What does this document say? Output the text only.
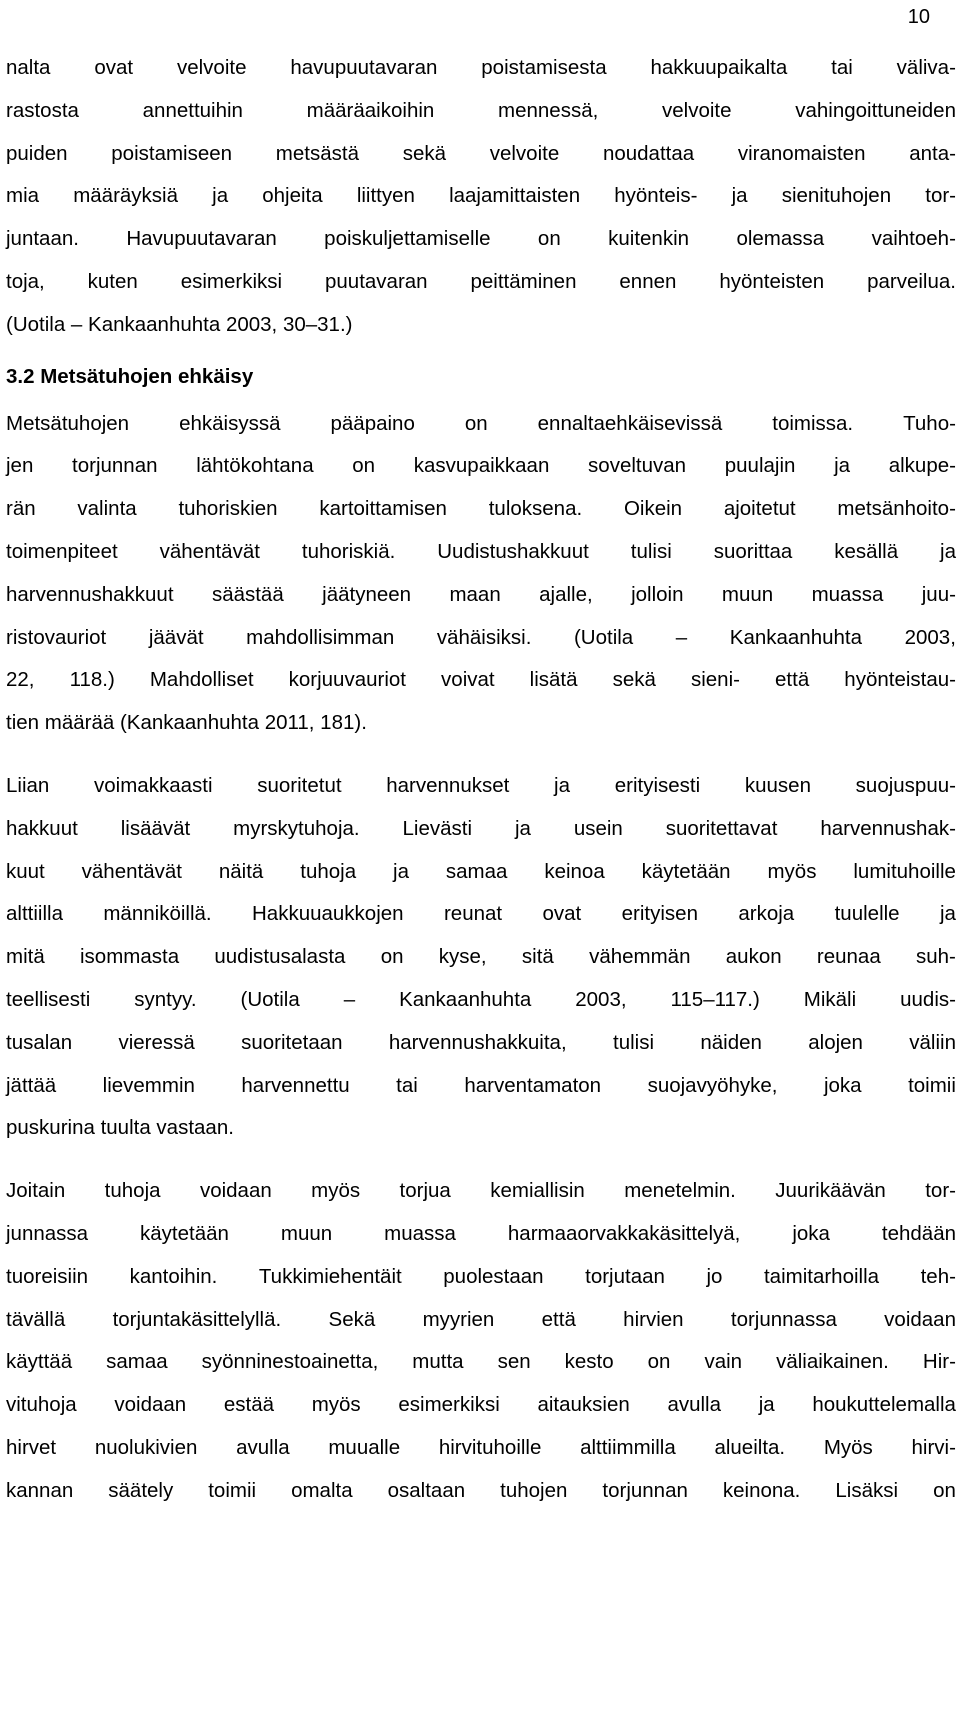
10
nalta ovat velvoite havupuutavaran poistamisesta hakkuupaikalta tai väliva-
rastosta	annettuihin	määräaikoihin	mennessä,	velvoite	vahingoittuneiden
puiden poistamiseen metsästä sekä velvoite noudattaa viranomaisten anta-
mia määräyksiä ja ohjeita liittyen laajamittaisten hyönteis- ja sienituhojen tor-
juntaan. Havupuutavaran poiskuljettamiselle on kuitenkin olemassa vaihtoeh-
toja, kuten esimerkiksi puutavaran peittäminen ennen hyönteisten parveilua.
(Uotila – Kankaanhuhta 2003, 30–31.)
3.2 Metsätuhojen ehkäisy
Metsätuhojen ehkäisyssä pääpaino on ennaltaehkäisevissä toimissa. Tuho-
jen torjunnan lähtökohtana on kasvupaikkaan soveltuvan puulajin ja alkupe-
rän valinta tuhoriskien kartoittamisen tuloksena. Oikein ajoitetut metsänhoito-
toimenpiteet vähentävät tuhoriskiä. Uudistushakkuut tulisi suorittaa kesällä ja
harvennushakkuut säästää jäätyneen maan ajalle, jolloin muun muassa juu-
ristovauriot jäävät mahdollisimman vähäisiksi. (Uotila – Kankaanhuhta 2003,
22, 118.) Mahdolliset korjuuvauriot voivat lisätä sekä sieni- että hyönteistau-
tien määrää (Kankaanhuhta 2011, 181).
Liian voimakkaasti suoritetut harvennukset ja erityisesti kuusen suojuspuu-
hakkuut lisäävät myrskytuhoja. Lievästi ja usein suoritettavat harvennushak-
kuut vähentävät näitä tuhoja ja samaa keinoa käytetään myös lumituhoille
alttiilla männiköillä. Hakkuuaukkojen reunat ovat erityisen arkoja tuulelle ja
mitä isommasta uudistusalasta on kyse, sitä vähemmän aukon reunaa suh-
teellisesti syntyy. (Uotila – Kankaanhuhta 2003, 115–117.) Mikäli uudis-
tusalan vieressä suoritetaan harvennushakkuita, tulisi näiden alojen väliin
jättää lievemmin harvennettu tai harventamaton suojavyöhyke, joka toimii
puskurina tuulta vastaan.
Joitain tuhoja voidaan myös torjua kemiallisin menetelmin. Juurikäävän tor-
junnassa	käytetään	muun	muassa	harmaaorvakkakäsittelyä,	joka	tehdään
tuoreisiin kantoihin. Tukkimiehentäit puolestaan torjutaan jo taimitarhoilla teh-
tävällä torjuntakäsittelyllä. Sekä myyrien että hirvien torjunnassa voidaan
käyttää samaa syönninestoainetta, mutta sen kesto on vain väliaikainen. Hir-
vituhoja voidaan estää myös esimerkiksi aitauksien avulla ja houkuttelemalla
hirvet nuolukivien avulla muualle hirvituhoille alttiimmilla alueilta. Myös hirvi-
kannan säätely toimii omalta osaltaan tuhojen torjunnan keinona. Lisäksi on
